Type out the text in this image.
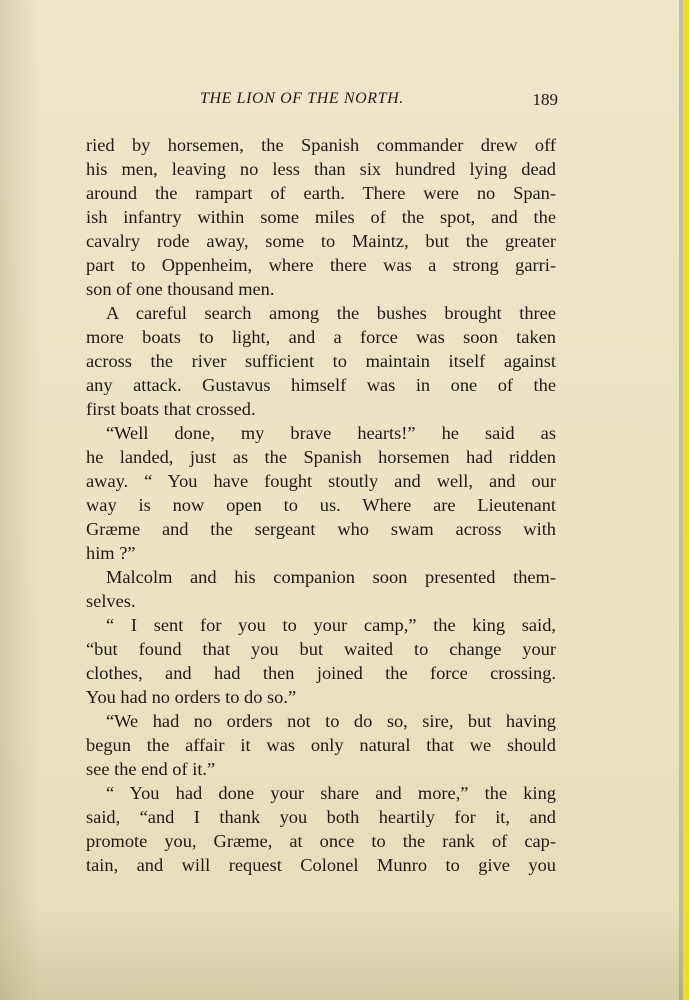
THE LION OF THE NORTH.	189
ried by horsemen, the Spanish commander drew off
his men, leaving no less than six hundred lying dead
around the rampart of earth. There were no Span-
ish infantry within some miles of the spot, and the
cavalry rode away, some to Maintz, but the greater
part to Oppenheim, where there was a strong garri-
son of one thousand men.
A careful search among the bushes brought three
more boats to light, and a force was soon taken
across the river sufficient to maintain itself against
any attack. Gustavus himself was in one of the
first boats that crossed.
“Well done, my brave hearts!” he said as
he landed, just as the Spanish horsemen had ridden
away. “ You have fought stoutly and well, and our
way is now open to us. Where are Lieutenant
Græme and the sergeant who swam across with
him ?”
Malcolm and his companion soon presented them-
selves.
“ I sent for you to your camp,” the king said,
“but found that you but waited to change your
clothes, and had then joined the force crossing.
You had no orders to do so.”
“We had no orders not to do so, sire, but having
begun the affair it was only natural that we should
see the end of it.”
“ You had done your share and more,” the king
said, “and I thank you both heartily for it, and
promote you, Græme, at once to the rank of cap-
tain, and will request Colonel Munro to give you
